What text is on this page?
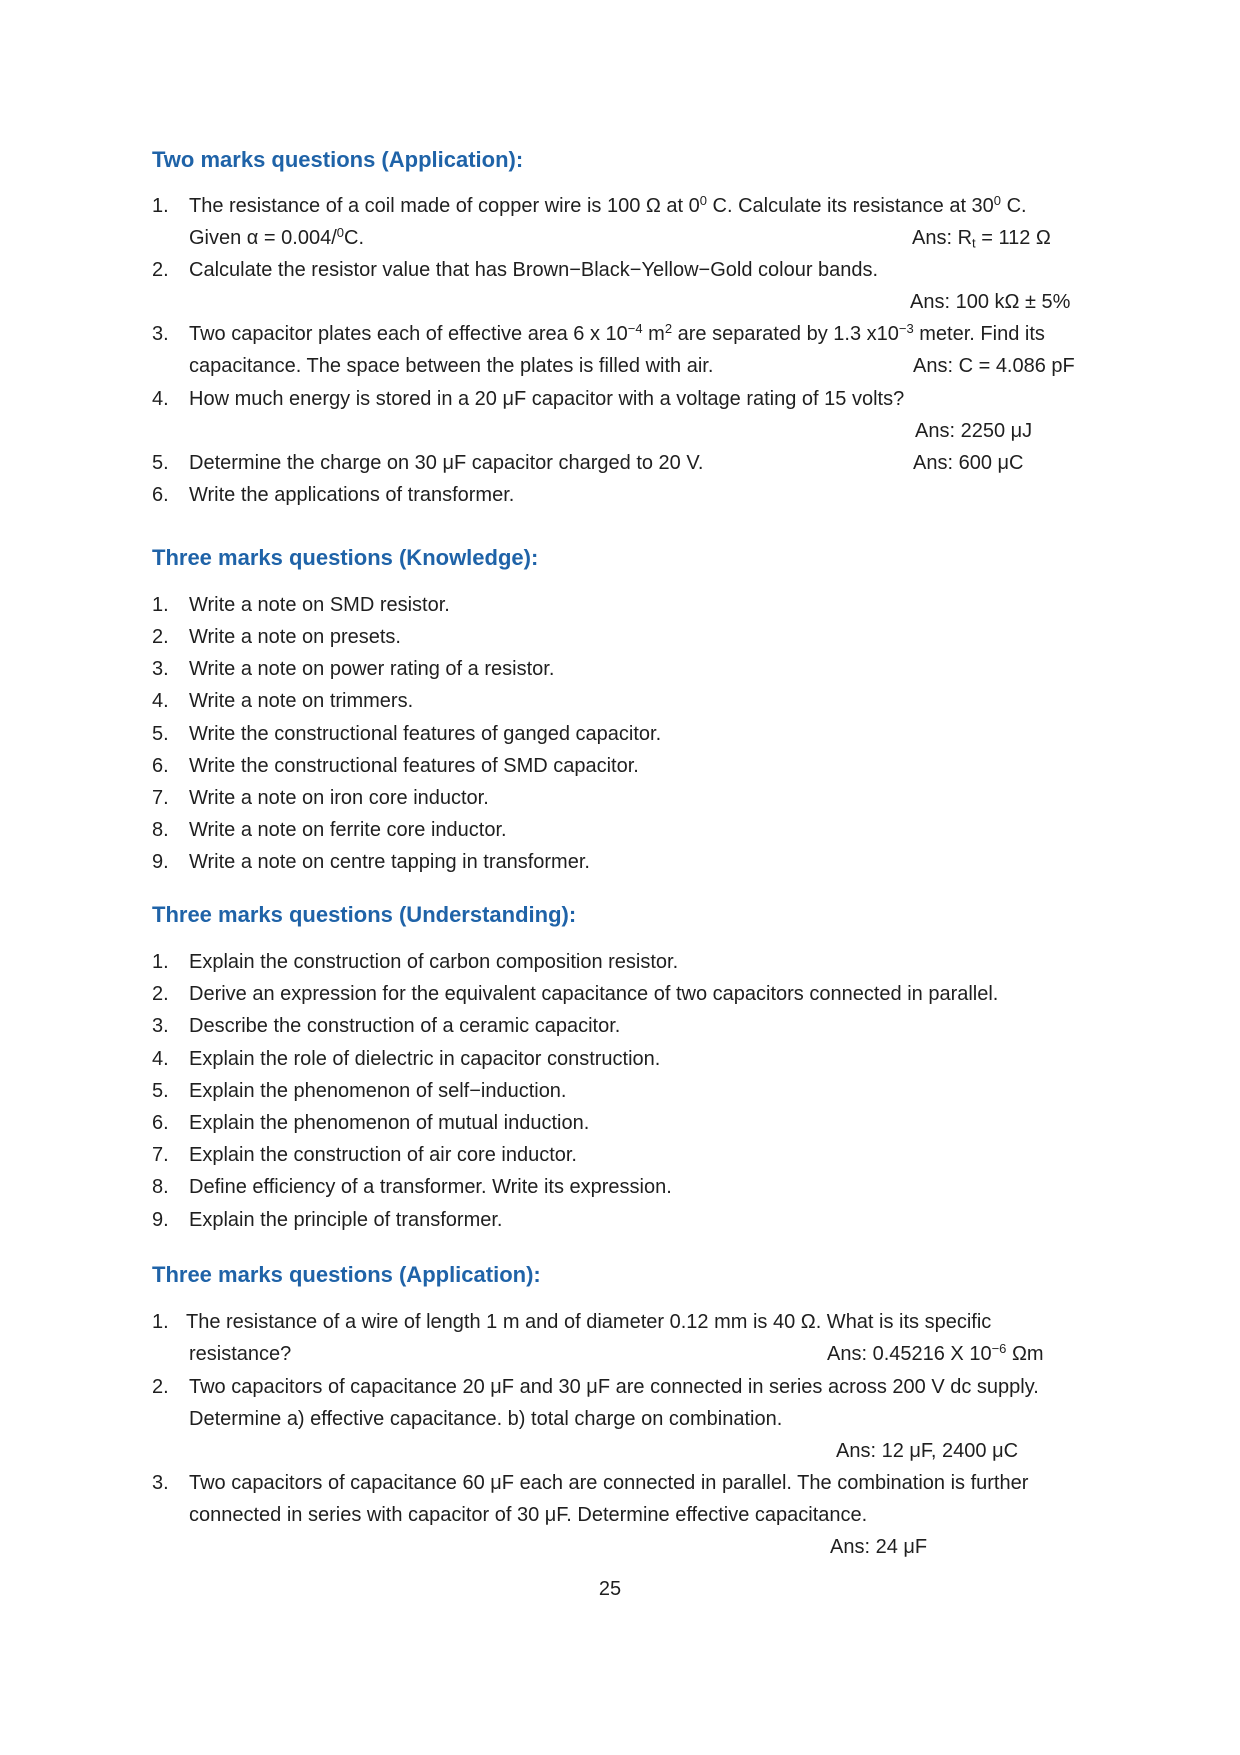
Two marks questions (Application):
1. The resistance of a coil made of copper wire is 100 Ω at $0^0$ C. Calculate its resistance at $30^0$ C.
Given α = 0.004/$^0$C.	Ans: $R_t = 112$ Ω
2. Calculate the resistor value that has Brown−Black−Yellow−Gold colour bands.
Ans: 100 kΩ ± 5%
3. Two capacitor plates each of effective area 6 x $10^{-4}$ $m^2$ are separated by 1.3 $x10^{-3}$ meter. Find its
capacitance. The space between the plates is filled with air.	Ans: C = 4.086 pF
4. How much energy is stored in a 20 μF capacitor with a voltage rating of 15 volts?
Ans: 2250 μJ
5. Determine the charge on 30 μF capacitor charged to 20 V.	Ans: 600 μC
6. Write the applications of transformer.
Three marks questions (Knowledge):
1. Write a note on SMD resistor.
2. Write a note on presets.
3. Write a note on power rating of a resistor.
4. Write a note on trimmers.
5. Write the constructional features of ganged capacitor.
6. Write the constructional features of SMD capacitor.
7. Write a note on iron core inductor.
8. Write a note on ferrite core inductor.
9. Write a note on centre tapping in transformer.
Three marks questions (Understanding):
1. Explain the construction of carbon composition resistor.
2. Derive an expression for the equivalent capacitance of two capacitors connected in parallel.
3. Describe the construction of a ceramic capacitor.
4. Explain the role of dielectric in capacitor construction.
5. Explain the phenomenon of self−induction.
6. Explain the phenomenon of mutual induction.
7. Explain the construction of air core inductor.
8. Define efficiency of a transformer. Write its expression.
9. Explain the principle of transformer.
Three marks questions (Application):
1. The resistance of a wire of length 1 m and of diameter 0.12 mm is 40 Ω. What is its specific
resistance?	Ans: 0.45216 X $10^{-6}$ Ωm
2. Two capacitors of capacitance 20 μF and 30 μF are connected in series across 200 V dc supply.
Determine a) effective capacitance. b) total charge on combination.
Ans: 12 μF, 2400 μC
3. Two capacitors of capacitance 60 μF each are connected in parallel. The combination is further
connected in series with capacitor of 30 μF. Determine effective capacitance.
Ans: 24 μF
25
